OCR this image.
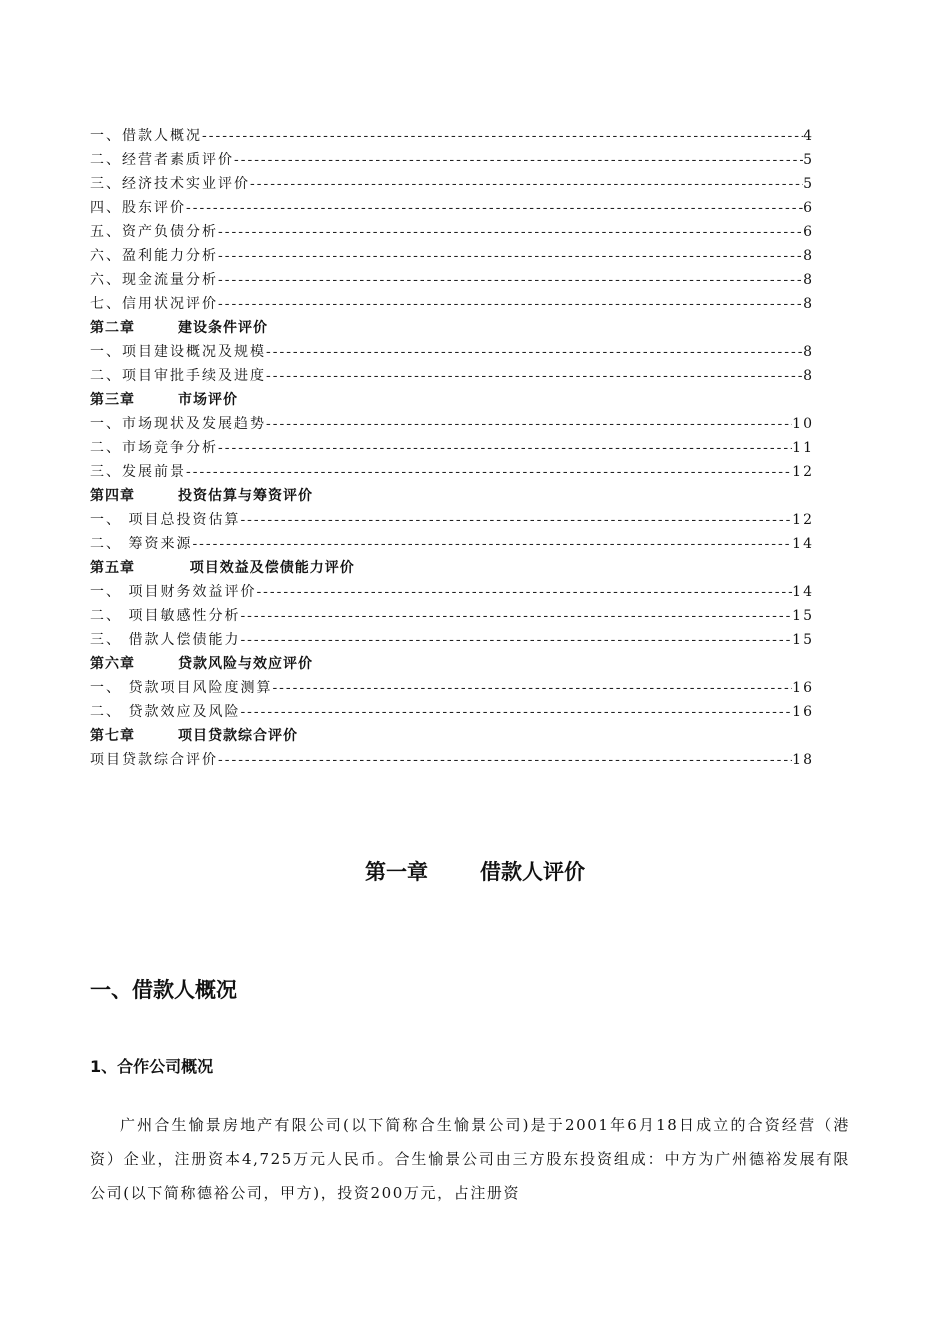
一、借款人概况 -----	4
二、经营者素质评价 -----	5
三、经济技术实业评价 -----	5
四、股东评价 -----	6
五、资产负债分析 -----	6
六、盈利能力分析 -----	8
六、现金流量分析 -----	8
七、信用状况评价 -----	8
第二章	建设条件评价
一、项目建设概况及规模 -----	8
二、项目审批手续及进度 -----	8
第三章	市场评价
一、市场现状及发展趋势 -----	10
二、市场竞争分析 -----	11
三、发展前景 -----	12
第四章	投资估算与筹资评价
一、 项目总投资估算 -----	12
二、 筹资来源 -----	14
第五章	项目效益及偿债能力评价
一、 项目财务效益评价 -----	14
二、 项目敏感性分析 -----	15
三、 借款人偿债能力 -----	15
第六章	贷款风险与效应评价
一、 贷款项目风险度测算 -----	16
二、 贷款效应及风险 -----	16
第七章	项目贷款综合评价
项目贷款综合评价 -----	18
第一章 借款人评价
一、借款人概况
1、合作公司概况

广州合生愉景房地产有限公司(以下简称合生愉景公司)是于2001年6月18日成立的合资经营（港资）企业，注册资本4,725万元人民币。合生愉景公司由三方股东投资组成：中方为广州德裕发展有限公司(以下简称德裕公司，甲方)，投资200万元，占注册资
